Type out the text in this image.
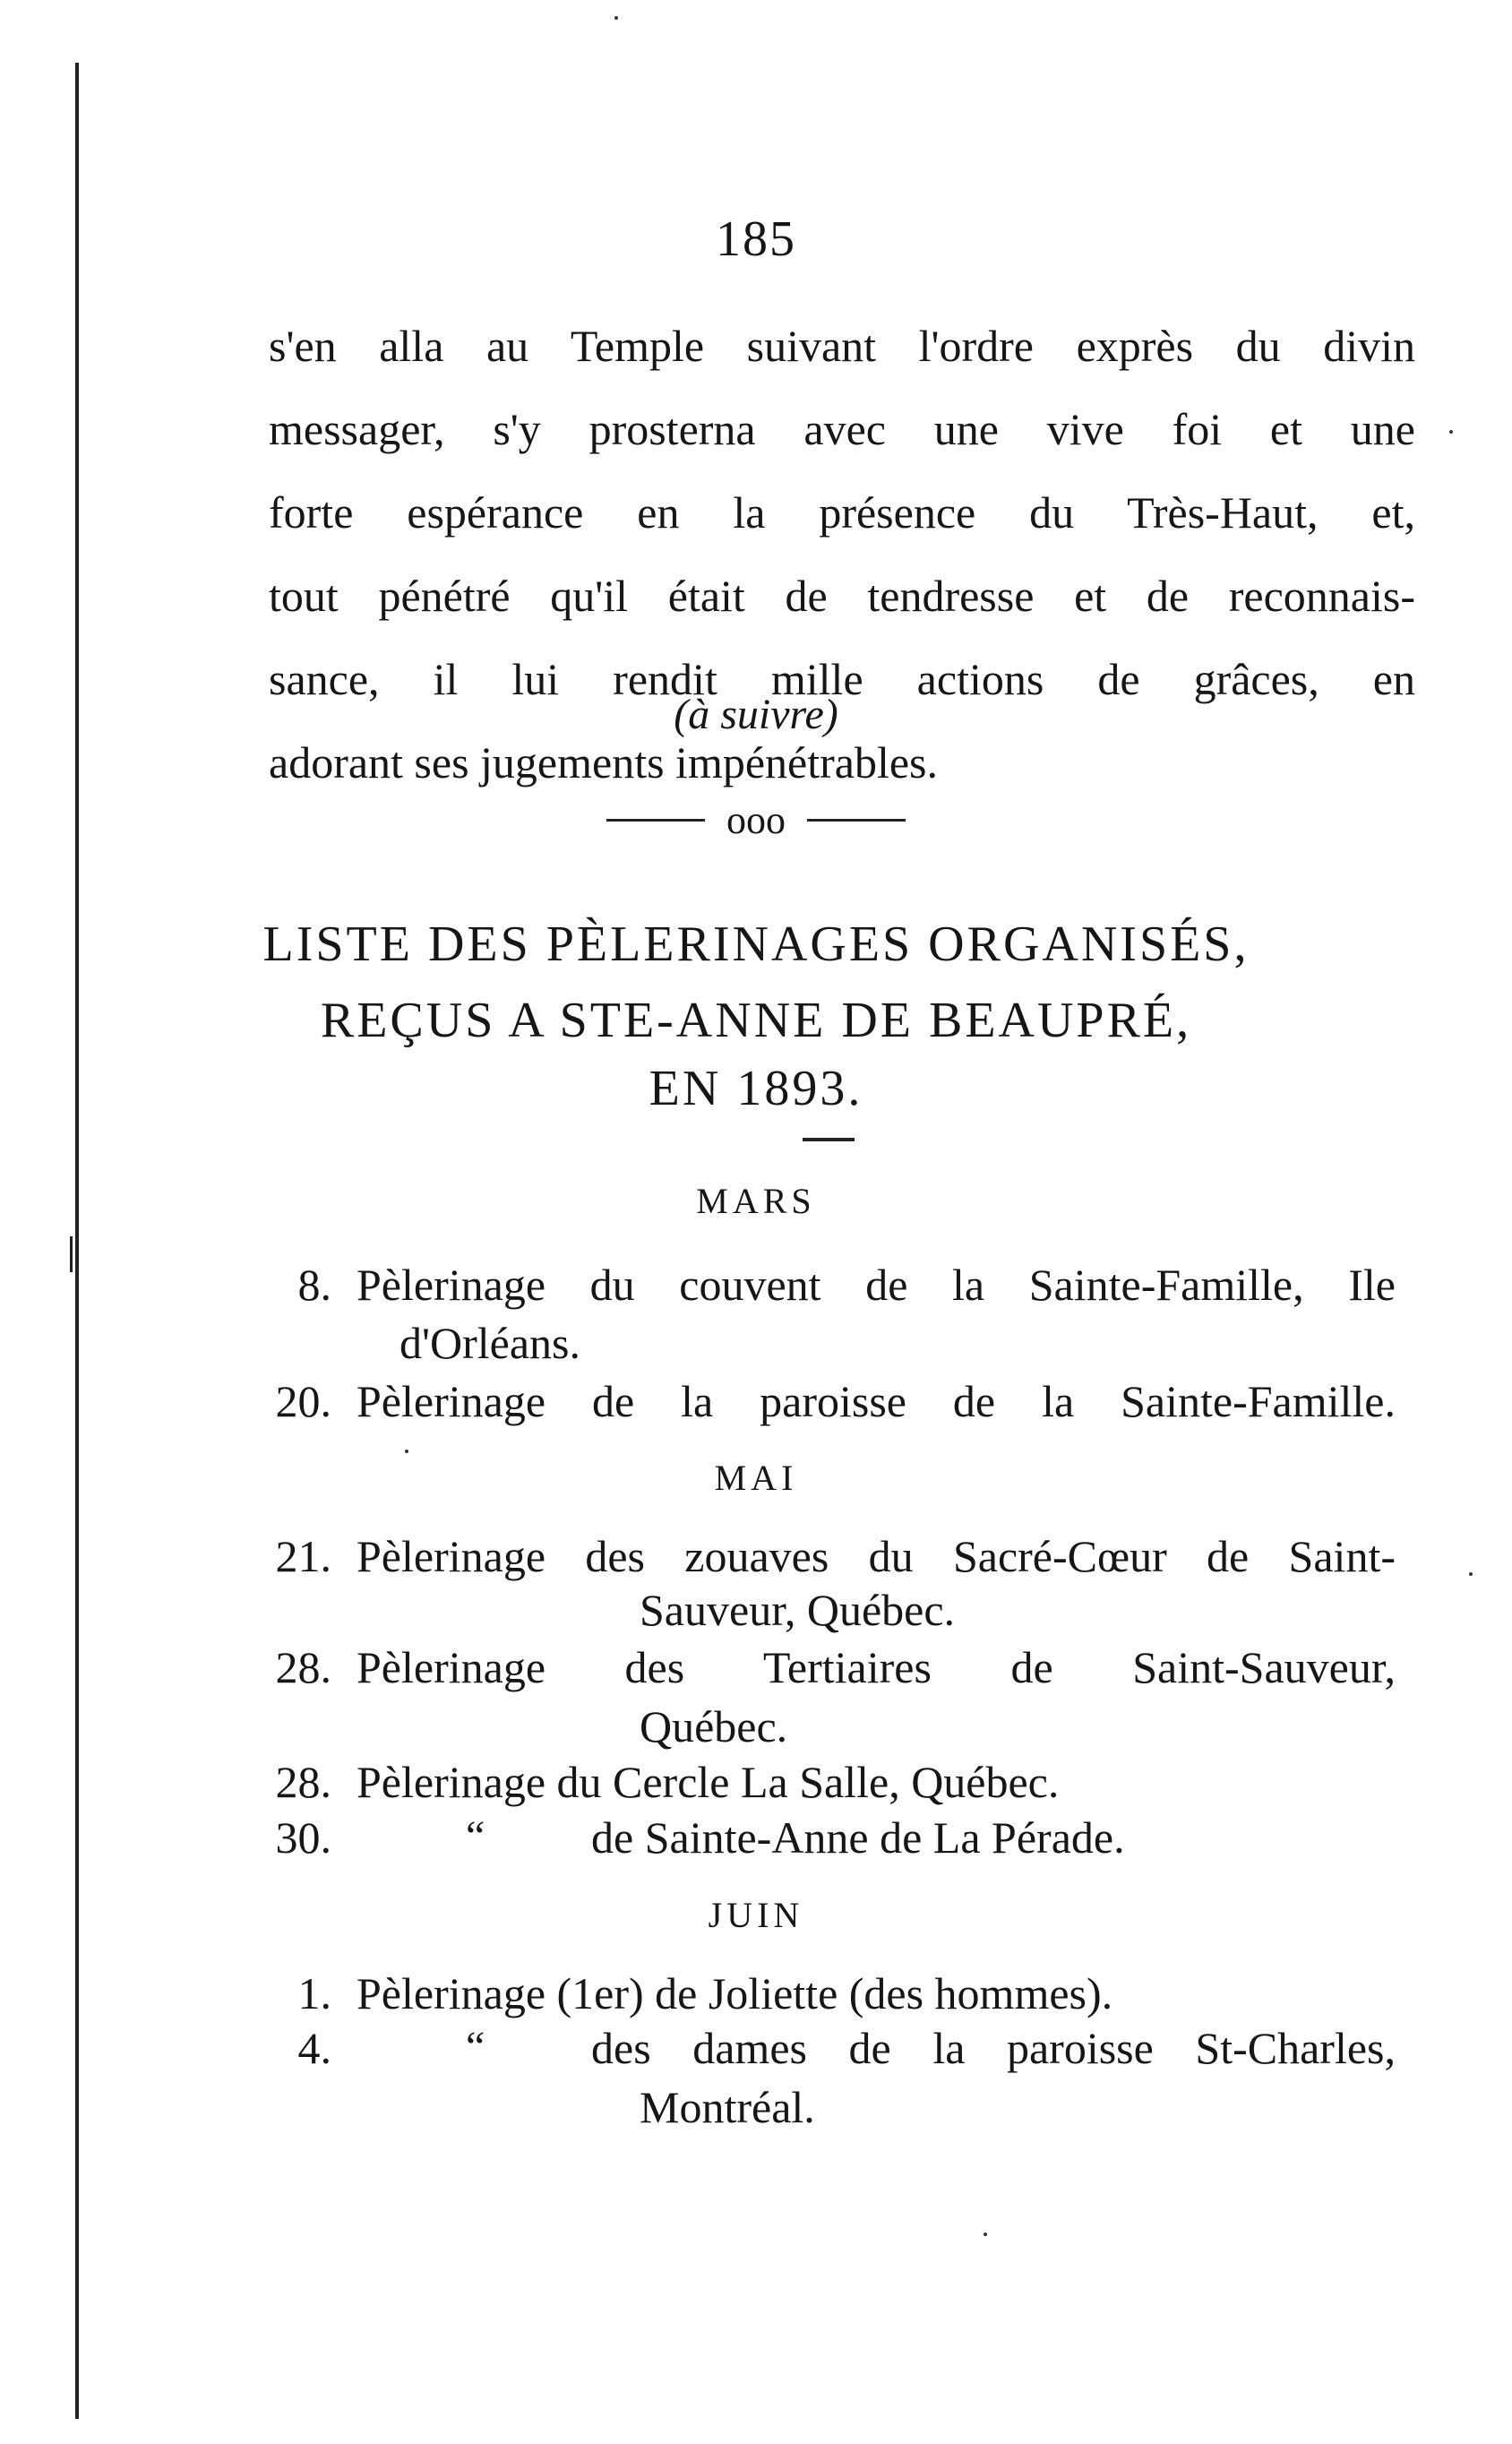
185
s'en alla au Temple suivant l'ordre exprès du divin
messager, s'y prosterna avec une vive foi et une
forte espérance en la présence du Très-Haut, et,
tout pénétré qu'il était de tendresse et de reconnais-
sance, il lui rendit mille actions de grâces, en
adorant ses jugements impénétrables.
(à suivre)
ooo
LISTE DES PÈLERINAGES ORGANISÉS,
REÇUS A STE-ANNE DE BEAUPRÉ,
EN 1893.
MARS
8. Pèlerinage du couvent de la Sainte-Famille, Ile
d'Orléans.
20. Pèlerinage de la paroisse de la Sainte-Famille.
MAI
21. Pèlerinage des zouaves du Sacré-Cœur de Saint-
Sauveur, Québec.
28. Pèlerinage des Tertiaires de Saint-Sauveur,
Québec.
28. Pèlerinage du Cercle La Salle, Québec.
30.	“ de Sainte-Anne de La Pérade.
JUIN
1. Pèlerinage (1er) de Joliette (des hommes).
4.	“ des dames de la paroisse St-Charles,
Montréal.
